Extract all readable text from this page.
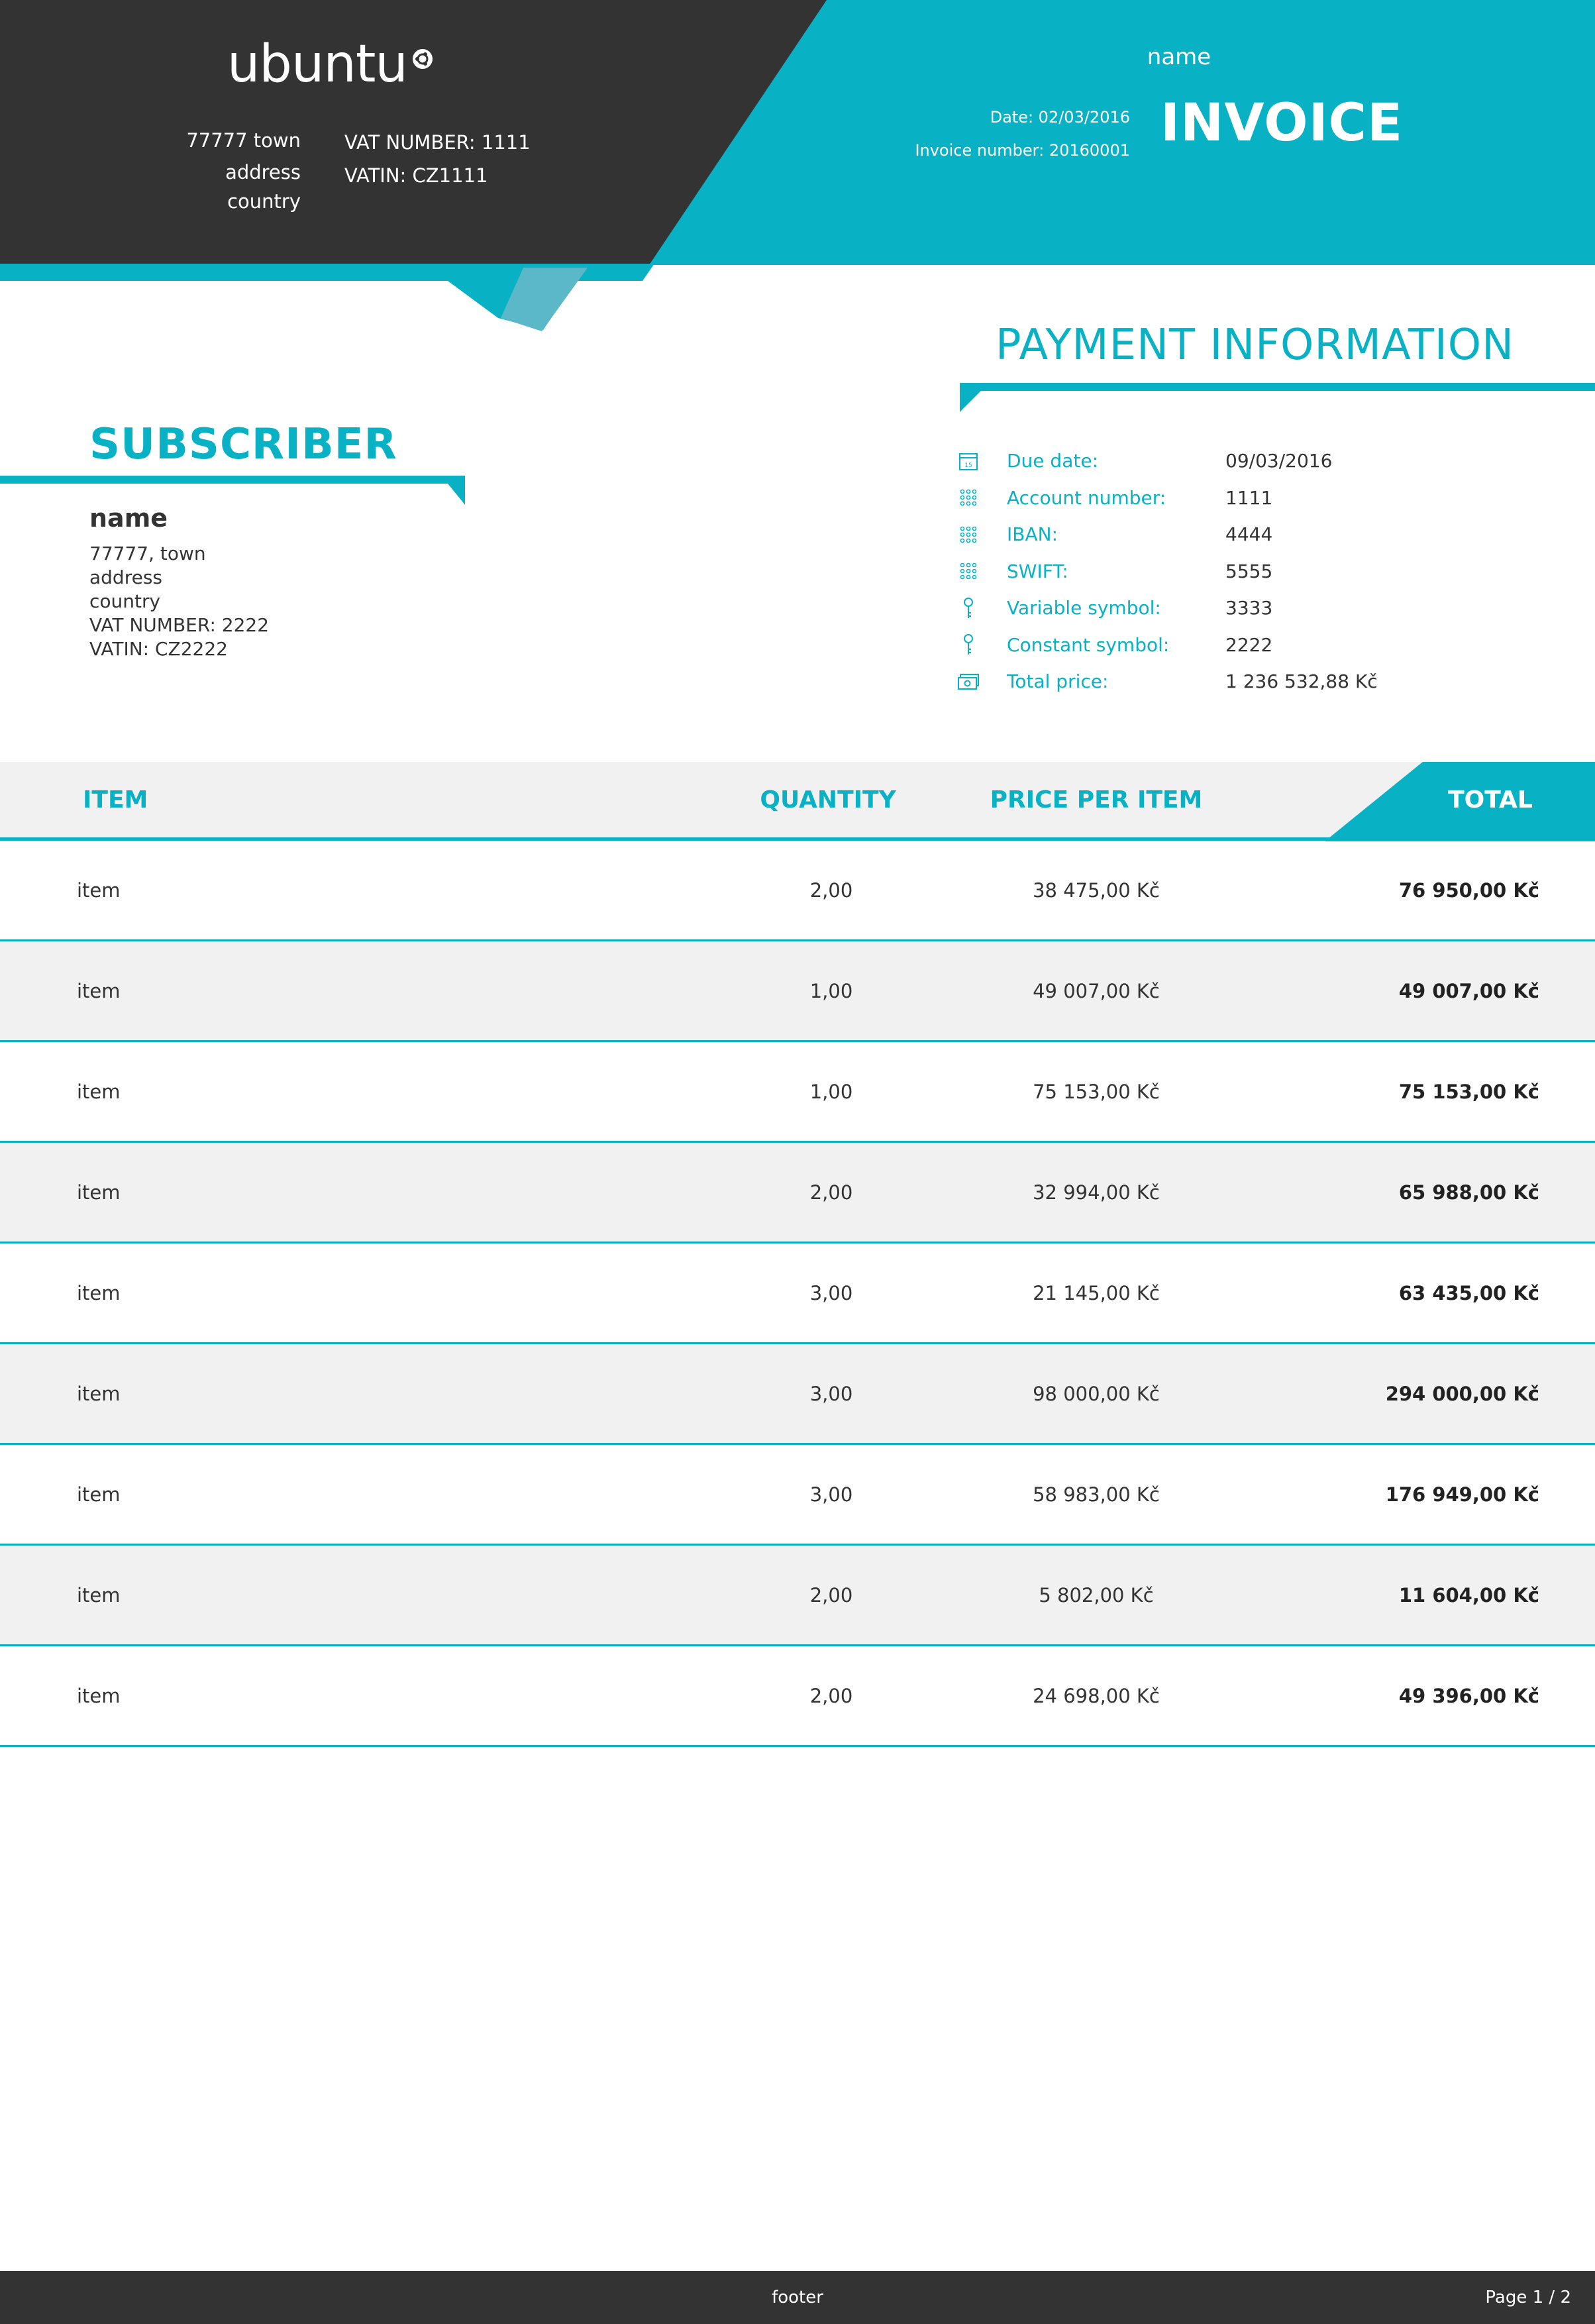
ubuntu
77777 town
address
country
VAT NUMBER: 1111
VATIN: CZ1111
name
Date: 02/03/2016
Invoice number: 20160001 INVOICE
SUBSCRIBER
name
77777, town
address
country
VAT NUMBER: 2222
VATIN: CZ2222
PAYMENT INFORMATION
15 Due date:	09/03/2016
Account number:	1111
IBAN:	4444
SWIFT:	5555
Variable symbol:	3333
Constant symbol:	2222
Total price:	1 236 532,88 Kč
ITEM	QUANTITY	PRICE PER ITEM	TOTAL
item	2,00	38 475,00 Kč	76 950,00 Kč
item	1,00	49 007,00 Kč	49 007,00 Kč
item	1,00	75 153,00 Kč	75 153,00 Kč
item	2,00	32 994,00 Kč	65 988,00 Kč
item	3,00	21 145,00 Kč	63 435,00 Kč
item	3,00	98 000,00 Kč	294 000,00 Kč
item	3,00	58 983,00 Kč	176 949,00 Kč
item	2,00	5 802,00 Kč	11 604,00 Kč
item	2,00	24 698,00 Kč	49 396,00 Kč
footer	Page 1 / 2
